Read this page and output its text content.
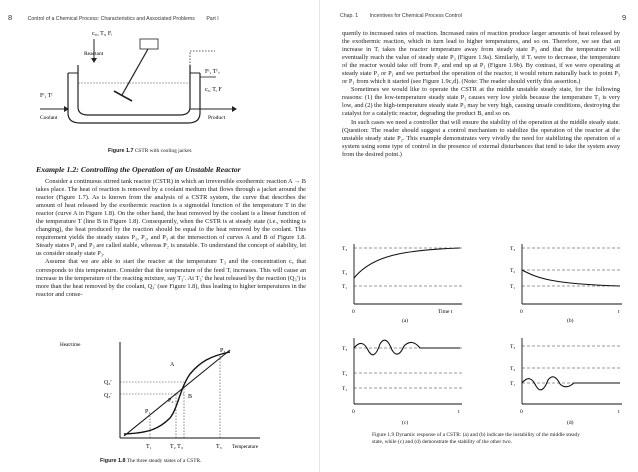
8	Control of a Chemical Process: Characteristics and Associated Problems Part I
cₐᵢ, Tᵢ, Fᵢ
Reactant
Fᶜ, Tᶜₒ
Fᶜ, Tᶜ
Coolant
cₐ, T, F
Product
Figure 1.7 CSTR with cooling jacket.
Example 1.2: Controlling the Operation of an Unstable Reactor

Consider a continuous stirred tank reactor (CSTR) in which an irreversible exothermic reaction A → B takes place. The heat of reaction is removed by a coolant medium that flows through a jacket around the reactor (Figure 1.7). As is known from the analysis of a CSTR system, the curve that describes the amount of heat released by the exothermic reaction is a sigmoidal function of the temperature T in the reactor (curve A in Figure 1.8). On the other hand, the heat removed by the coolant is a linear function of the temperature T (line B in Figure 1.8). Consequently, when the CSTR is at steady state (i.e., nothing is changing), the heat produced by the reaction should be equal to the heat removed by the coolant. This requirement yields the steady states P₁, P₂, and P₃ at the intersection of curves A and B of Figure 1.8. Steady states P₁ and P₃ are called stable, whereas P₂ is unstable. To understand the concept of stability, let us consider steady state P₃.

Assume that we are able to start the reactor at the temperature T₃ and the concentration cₐ that corresponds to this temperature. Consider that the temperature of the feed Tᵢ increases. This will cause an increase in the temperature of the reacting mixture, say T₃′. At T₃′ the heat released by the reaction (Q₃′) is more than the heat removed by the coolant, Q₃′ (see Figure 1.8), thus leading to higher temperatures in the reactor and conse-

Heat/time
Temperature
A
B
P₁
P₂
P₃
Q₃′
Q₃′
T₁	T₂ T₃	T₃
Figure 1.8 The three steady states of a CSTR.
Chap. 1 Incentives for Chemical Process Control	9

quently to increased rates of reaction. Increased rates of reaction produce larger amounts of heat released by the exothermic reaction, which in turn lead to higher temperatures, and so on. Therefore, we see that an increase in Tᵢ takes the reactor temperature away from steady state P₃ and that the temperature will eventually reach the value of steady state P₃ (Figure 1.9a). Similarly, if Tᵢ were to decrease, the temperature of the reactor would take off from P₂ and end up at P₁ (Figure 1.9b). By contrast, if we were operating at steady state P₂ or P₁ and we perturbed the operation of the reactor, it would return naturally back to point P₃ or P₁ from which it started (see Figure 1.9c,d). (Note: The reader should verify this assertion.)

Sometimes we would like to operate the CSTR at the middle unstable steady state, for the following reasons: (1) the low-temperature steady state P₁ causes very low yields because the temperature T₁ is very low, and (2) the high-temperature steady state P₃ may be very high, causing unsafe conditions, destroying the catalyst for a catalytic reactor, degrading the product B, and so on.

In such cases we need a controller that will ensure the stability of the operation at the middle steady state. (Question: The reader should suggest a control mechanism to stabilize the operation of the reactor at the unstable steady state P₂. This example demonstrates very vividly the need for stabilizing the operation of a system using some type of control in the presence of external disturbances that tend to take the system away from the desired point.)

T₃
T₂
T₁
0	Time t
(a)
T₃
T₂
T₁
0	t
(b)
T₃
T₂
T₁
0	t
(c)
T₃
T₂
T₁
0	t
(d)
Figure 1.9 Dynamic response of a CSTR: (a) and (b) indicate the instability of the middle steady state, while (c) and (d) demonstrate the stability of the other two.
